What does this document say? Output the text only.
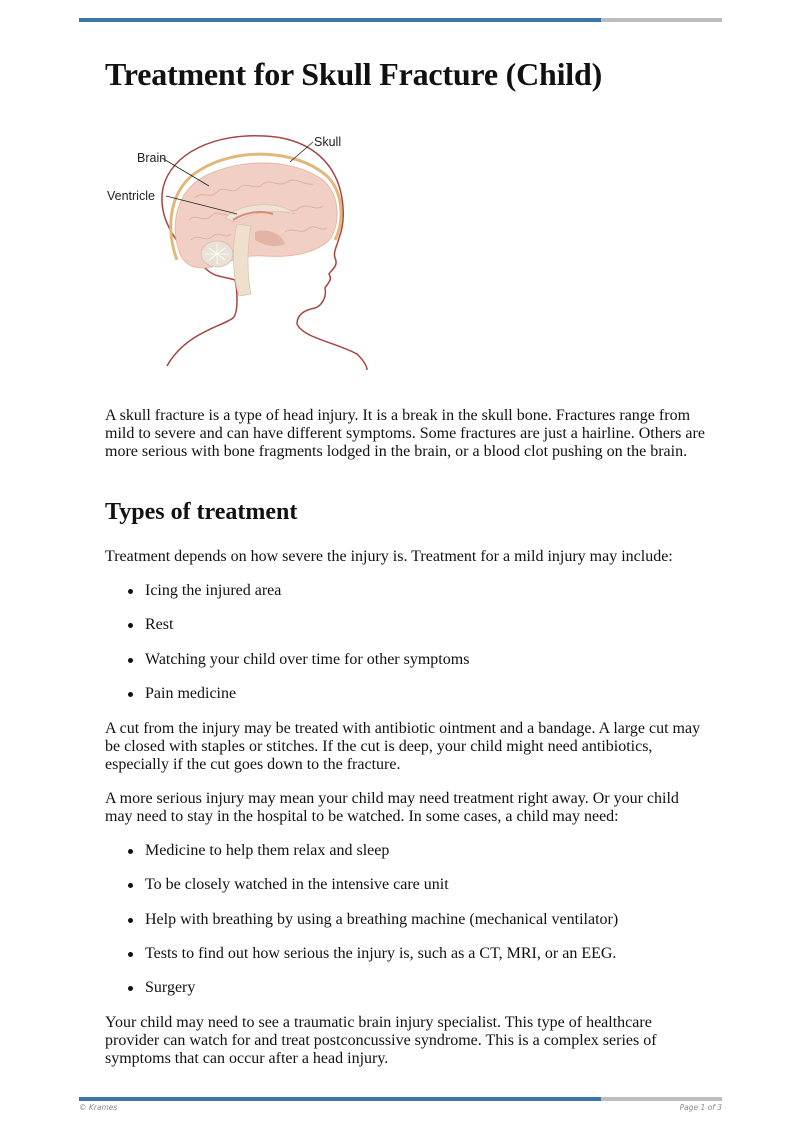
Treatment for Skull Fracture (Child)
Brain
Ventricle
Skull

A skull fracture is a type of head injury. It is a break in the skull bone. Fractures range from mild to severe and can have different symptoms. Some fractures are just a hairline. Others are more serious with bone fragments lodged in the brain, or a blood clot pushing on the brain.

Types of treatment

Treatment depends on how severe the injury is. Treatment for a mild injury may include:

Icing the injured area
Rest
Watching your child over time for other symptoms
Pain medicine

A cut from the injury may be treated with antibiotic ointment and a bandage. A large cut may be closed with staples or stitches. If the cut is deep, your child might need antibiotics, especially if the cut goes down to the fracture.

A more serious injury may mean your child may need treatment right away. Or your child may need to stay in the hospital to be watched. In some cases, a child may need:

Medicine to help them relax and sleep
To be closely watched in the intensive care unit
Help with breathing by using a breathing machine (mechanical ventilator)
Tests to find out how serious the injury is, such as a CT, MRI, or an EEG.
Surgery

Your child may need to see a traumatic brain injury specialist. This type of healthcare provider can watch for and treat postconcussive syndrome. This is a complex series of symptoms that can occur after a head injury.

© Krames	Page 1 of 3
